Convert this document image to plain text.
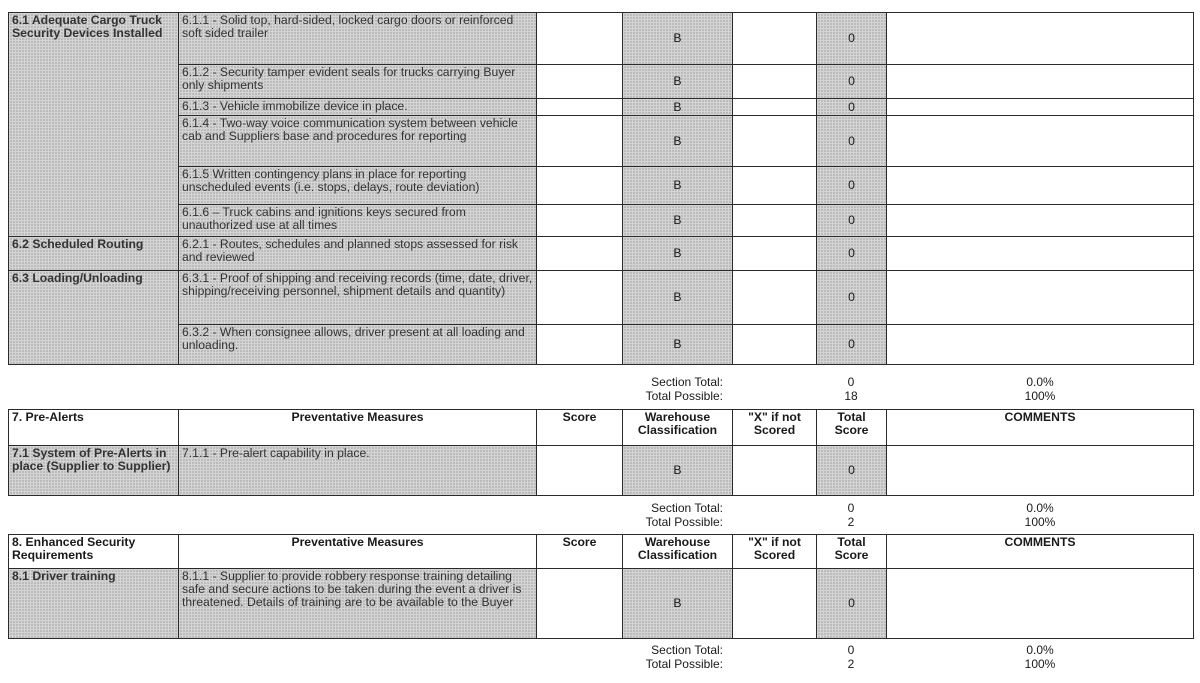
6.1 Adequate Cargo Truck Security Devices Installed	6.1.1 - Solid top, hard-sided, locked cargo doors or reinforced soft sided trailer		B		0	
	6.1.2 - Security tamper evident seals for trucks carrying Buyer only shipments		B		0	
	6.1.3 - Vehicle immobilize device in place.		B		0	
	6.1.4 - Two-way voice communication system between vehicle cab and Suppliers base and procedures for reporting		B		0	
	6.1.5 Written contingency plans in place for reporting unscheduled events (i.e. stops, delays, route deviation)		B		0	
	6.1.6 – Truck cabins and ignitions keys secured from unauthorized use at all times		B		0	
6.2 Scheduled Routing	6.2.1 - Routes, schedules and planned stops assessed for risk and reviewed		B		0	
6.3 Loading/Unloading	6.3.1 - Proof of shipping and receiving records (time, date, driver, shipping/receiving personnel, shipment details and quantity)		B		0	
	6.3.2 - When consignee allows, driver present at all loading and unloading.		B		0	
Section Total:	0	0.0%
Total Possible:	18	100%
7. Pre-Alerts	Preventative Measures	Score	Warehouse Classification	"X" if not Scored	Total Score	COMMENTS
7.1 System of Pre-Alerts in place (Supplier to Supplier)	7.1.1 - Pre-alert capability in place.		B		0	
Section Total:	0	0.0%
Total Possible:	2	100%
8. Enhanced Security Requirements	Preventative Measures	Score	Warehouse Classification	"X" if not Scored	Total Score	COMMENTS
8.1 Driver training	8.1.1 - Supplier to provide robbery response training detailing safe and secure actions to be taken during the event a driver is threatened. Details of training are to be available to the Buyer		B		0	
Section Total:	0	0.0%
Total Possible:	2	100%
